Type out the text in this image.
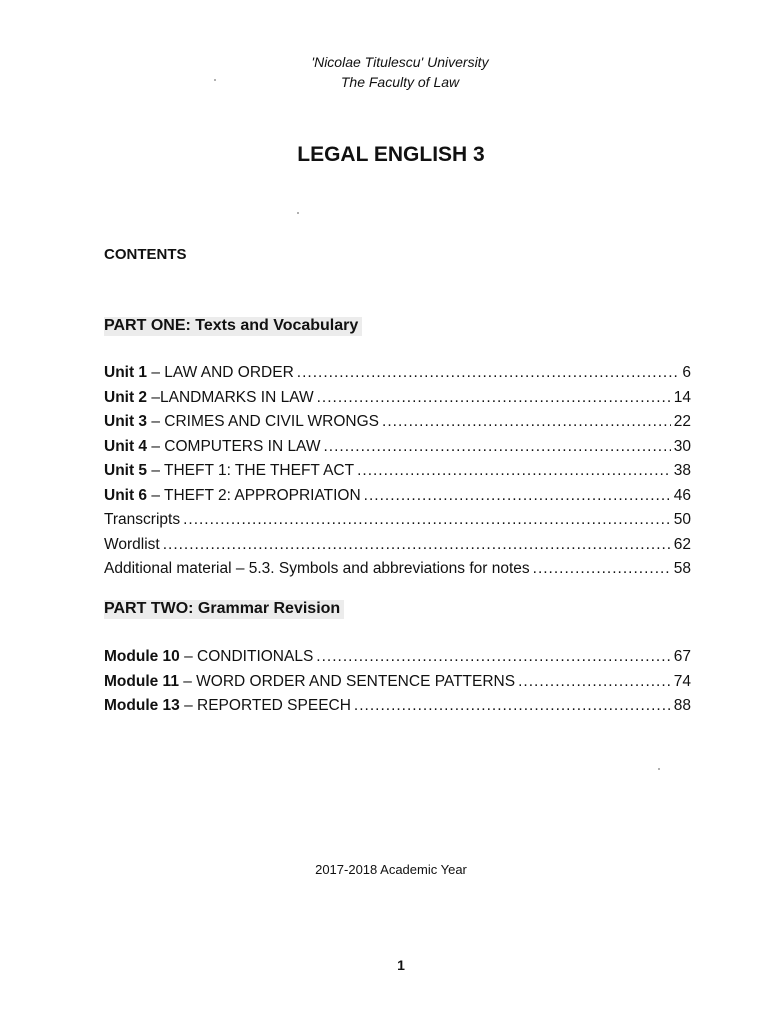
'Nicolae Titulescu' University
The Faculty of Law
LEGAL ENGLISH 3
CONTENTS
PART ONE: Texts and Vocabulary
Unit 1 – LAW AND ORDER .....	6
Unit 2 –LANDMARKS IN LAW .....	14
Unit 3 – CRIMES AND CIVIL WRONGS .....	22
Unit 4 – COMPUTERS IN LAW .....	30
Unit 5 – THEFT 1: THE THEFT ACT .....	38
Unit 6 – THEFT 2: APPROPRIATION .....	46
Transcripts .....	50
Wordlist .....	62
Additional material – 5.3. Symbols and abbreviations for notes .....	58
PART TWO: Grammar Revision
Module 10 – CONDITIONALS .....	67
Module 11 – WORD ORDER AND SENTENCE PATTERNS .....	74
Module 13 – REPORTED SPEECH .....	88
2017-2018 Academic Year
1
